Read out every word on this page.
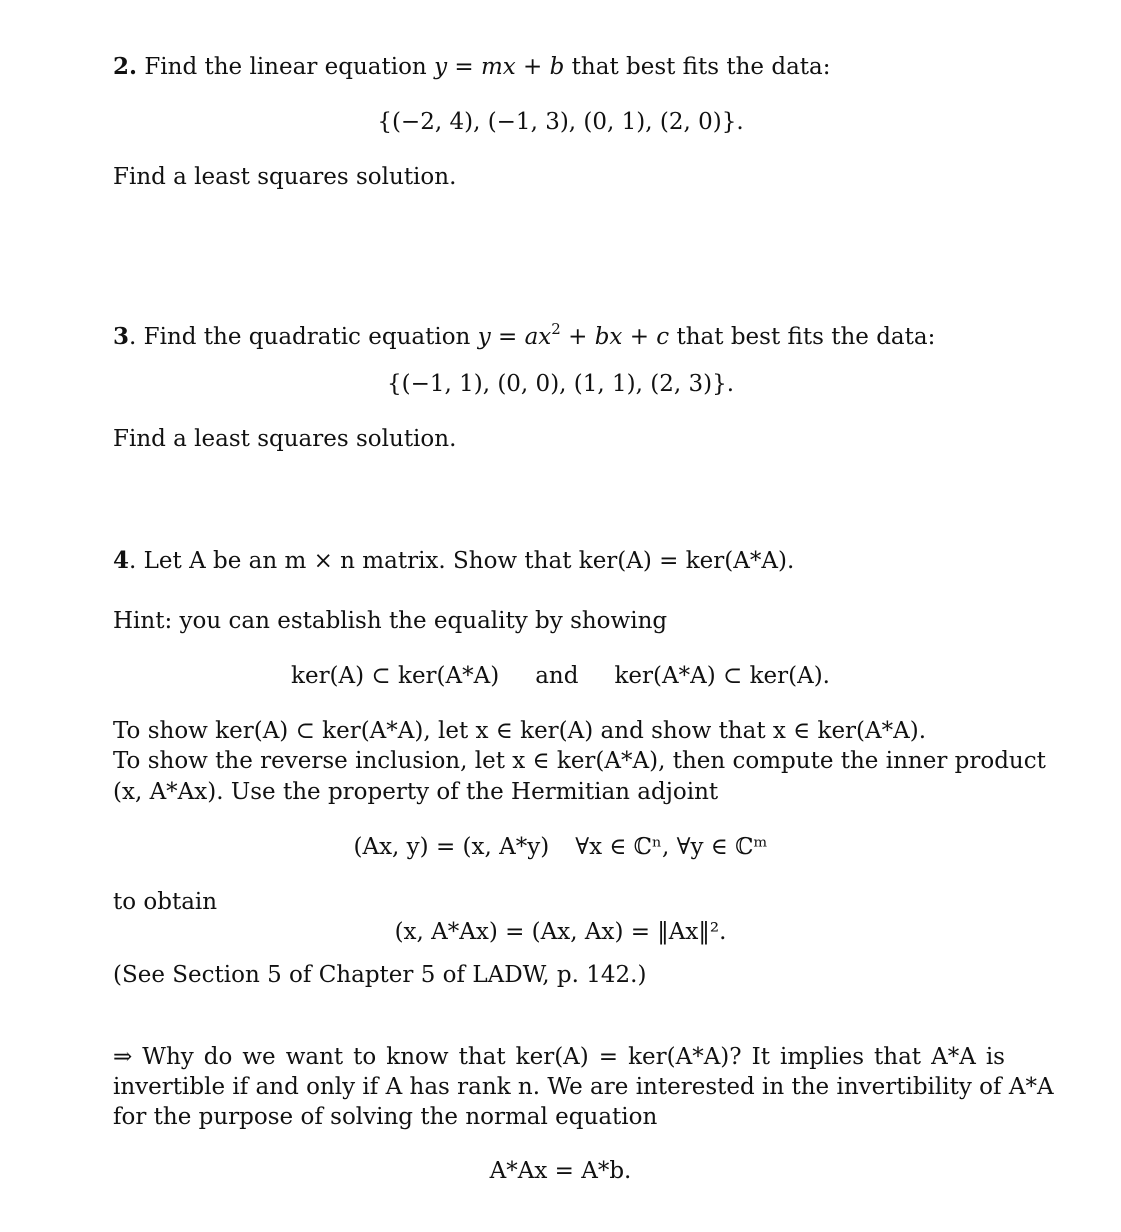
2. Find the linear equation y = mx + b that best fits the data:
{(−2, 4), (−1, 3), (0, 1), (2, 0)}.
Find a least squares solution.
3. Find the quadratic equation $y = ax^2$ + bx + c that best fits the data:
{(−1, 1), (0, 0), (1, 1), (2, 3)}.
Find a least squares solution.
4. Let A be an m × n matrix. Show that ker(A) = ker(A*A).
Hint: you can establish the equality by showing
ker(A) ⊂ ker(A*A) and ker(A*A) ⊂ ker(A).
To show ker(A) ⊂ ker(A*A), let x ∈ ker(A) and show that x ∈ ker(A*A).
To show the reverse inclusion, let x ∈ ker(A*A), then compute the inner product
(x, A*Ax). Use the property of the Hermitian adjoint
(Ax, y) = (x, A*y) ∀x ∈ ℂⁿ, ∀y ∈ ℂᵐ
to obtain
(x, A*Ax) = (Ax, Ax) = ‖Ax‖².
(See Section 5 of Chapter 5 of LADW, p. 142.)
⇒ Why do we want to know that ker(A) = ker(A*A)? It implies that A*A is
invertible if and only if A has rank n. We are interested in the invertibility of A*A
for the purpose of solving the normal equation
A*Ax = A*b.
